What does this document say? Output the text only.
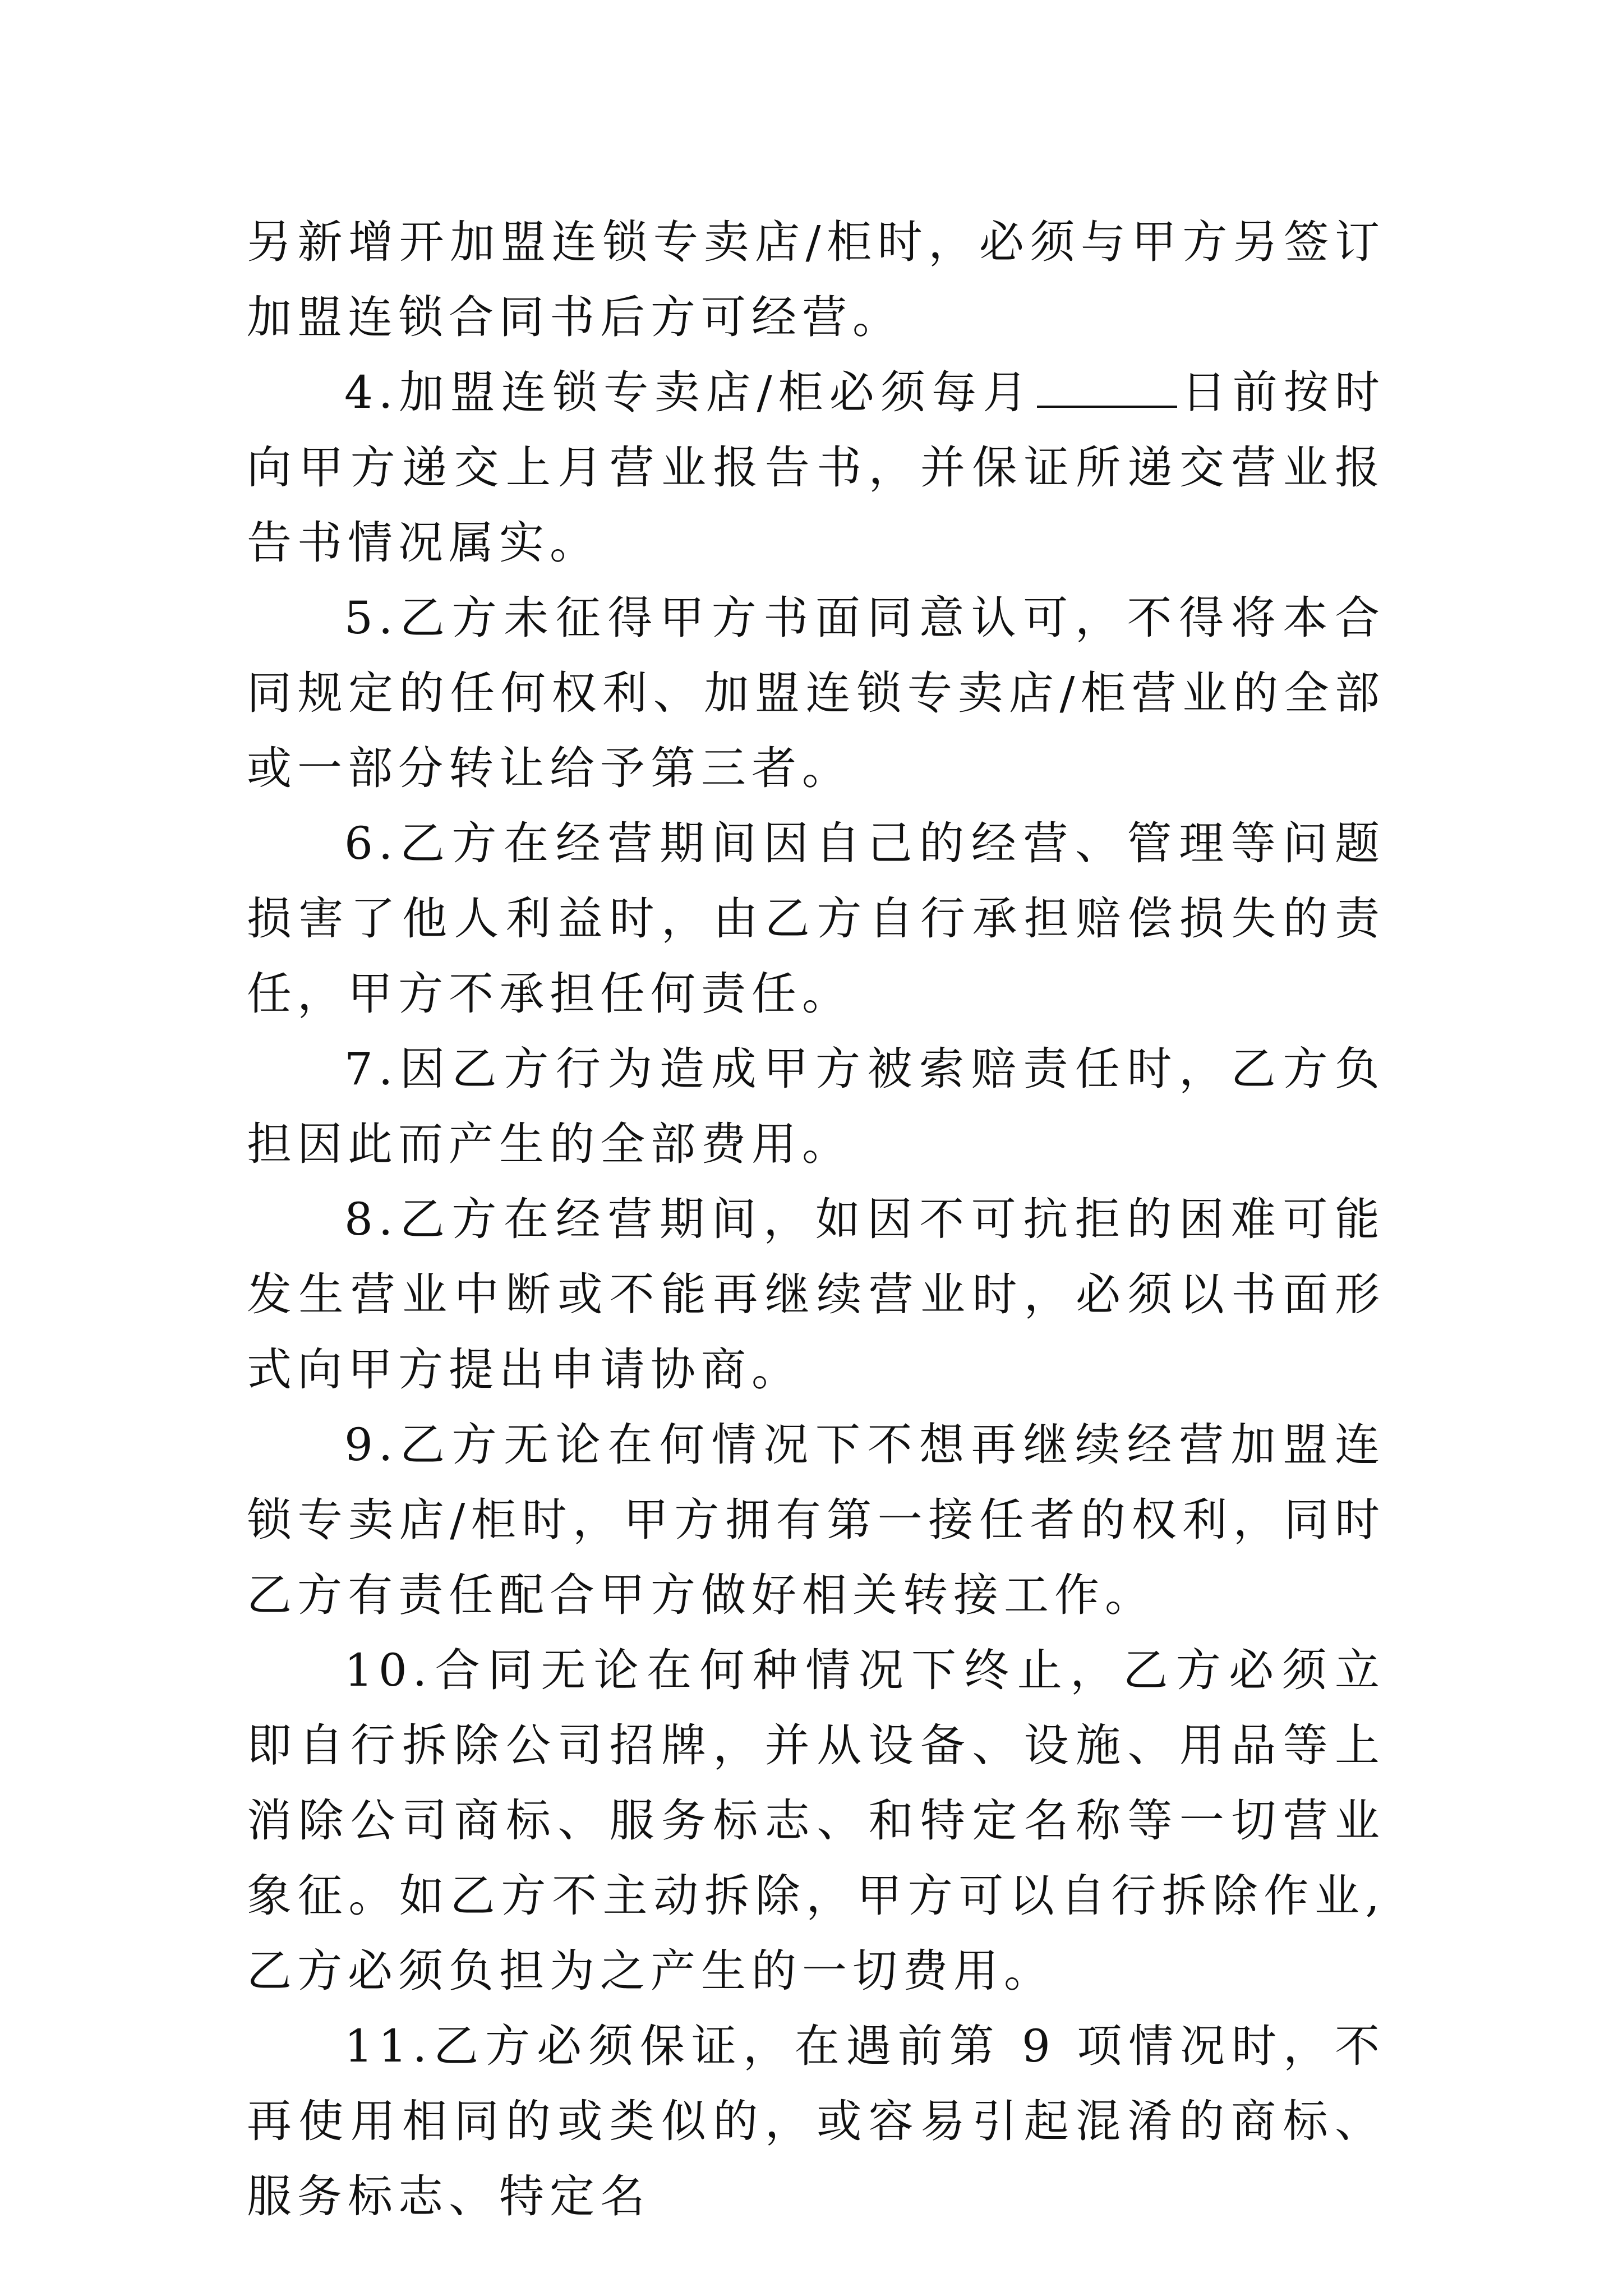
另新增开加盟连锁专卖店/柜时，必须与甲方另签订加盟连锁合同书后方可经营。

4.加盟连锁专卖店/柜必须每月	日前按时向甲方递交上月营业报告书，并保证所递交营业报告书情况属实。

5.乙方未征得甲方书面同意认可，不得将本合同规定的任何权利、加盟连锁专卖店/柜营业的全部或一部分转让给予第三者。

6.乙方在经营期间因自己的经营、管理等问题损害了他人利益时，由乙方自行承担赔偿损失的责任，甲方不承担任何责任。

7.因乙方行为造成甲方被索赔责任时，乙方负担因此而产生的全部费用。

8.乙方在经营期间，如因不可抗拒的困难可能发生营业中断或不能再继续营业时，必须以书面形式向甲方提出申请协商。

9.乙方无论在何情况下不想再继续经营加盟连锁专卖店/柜时，甲方拥有第一接任者的权利，同时乙方有责任配合甲方做好相关转接工作。

10.合同无论在何种情况下终止，乙方必须立即自行拆除公司招牌，并从设备、设施、用品等上消除公司商标、服务标志、和特定名称等一切营业象征。如乙方不主动拆除，甲方可以自行拆除作业,乙方必须负担为之产生的一切费用。

11.乙方必须保证，在遇前第 9 项情况时，不再使用相同的或类似的，或容易引起混淆的商标、服务标志、特定名
